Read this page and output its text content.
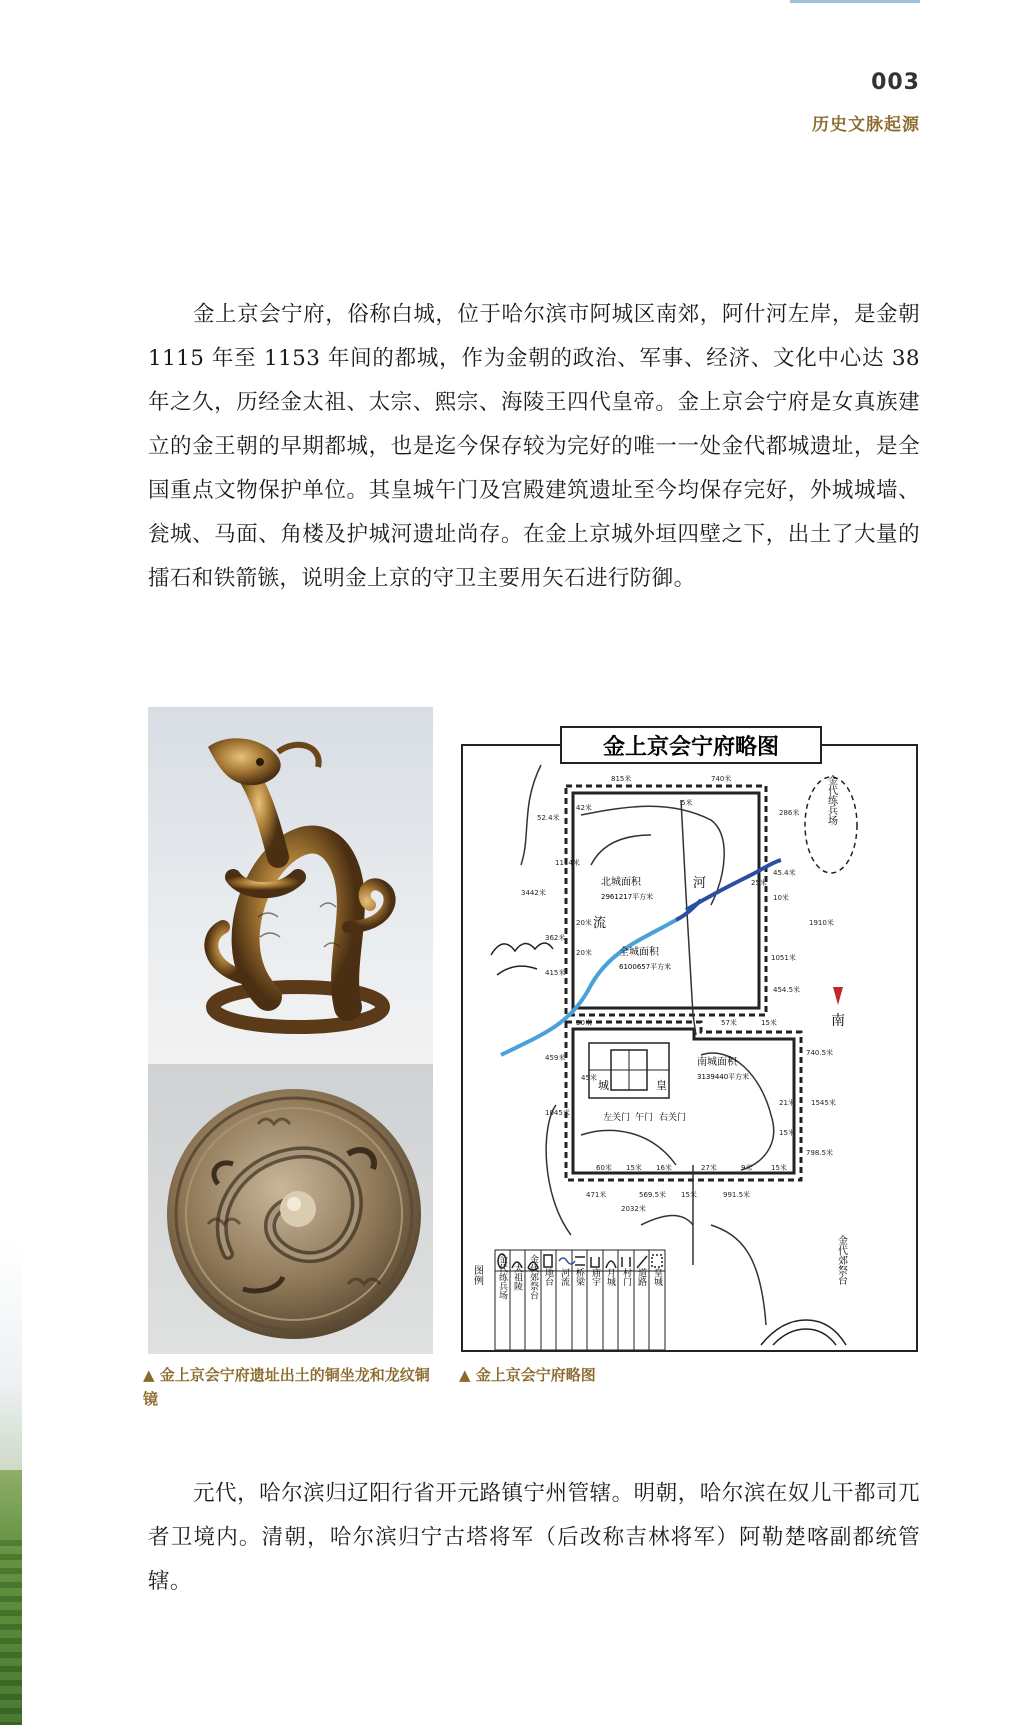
003
历史文脉起源

金上京会宁府，俗称白城，位于哈尔滨市阿城区南郊，阿什河左岸，是金朝 1115 年至 1153 年间的都城，作为金朝的政治、军事、经济、文化中心达 38 年之久，历经金太祖、太宗、熙宗、海陵王四代皇帝。金上京会宁府是女真族建立的金王朝的早期都城，也是迄今保存较为完好的唯一一处金代都城遗址，是全国重点文物保护单位。其皇城午门及宫殿建筑遗址至今均保存完好，外城城墙、瓮城、马面、角楼及护城河遗址尚存。在金上京城外垣四壁之下，出土了大量的擂石和铁箭镞，说明金上京的守卫主要用矢石进行防御。

▲ 金上京会宁府遗址出土的铜坐龙和龙纹铜镜
金上京会宁府略图
城	皇
北城面积
2961217平方米
全城面积
6100657平方米
南城面积
3139440平方米
流
河
左关门 午门 右关门
金代练兵场
南
金代郊祭台
815米	740米
5米
286米
52.4米
42米
1114米
3442米
25米
45.4米
10米
1910米
20米
362米
415米
20米
1051米
454.5米
57米	15米
30米
45米
459米
1045米
740.5米
21米 1545米
15米
798.5米
60米 15米 16米	27米	9米	15米
471米	569.5米 15米	991.5米
2032米
图例 金代练兵场 太祖陵 金代郊祭台 地台 河流 桥梁 庙宇 月城 村门 道路 皇城
▲ 金上京会宁府略图

元代，哈尔滨归辽阳行省开元路镇宁州管辖。明朝，哈尔滨在奴儿干都司兀者卫境内。清朝，哈尔滨归宁古塔将军（后改称吉林将军）阿勒楚喀副都统管辖。
